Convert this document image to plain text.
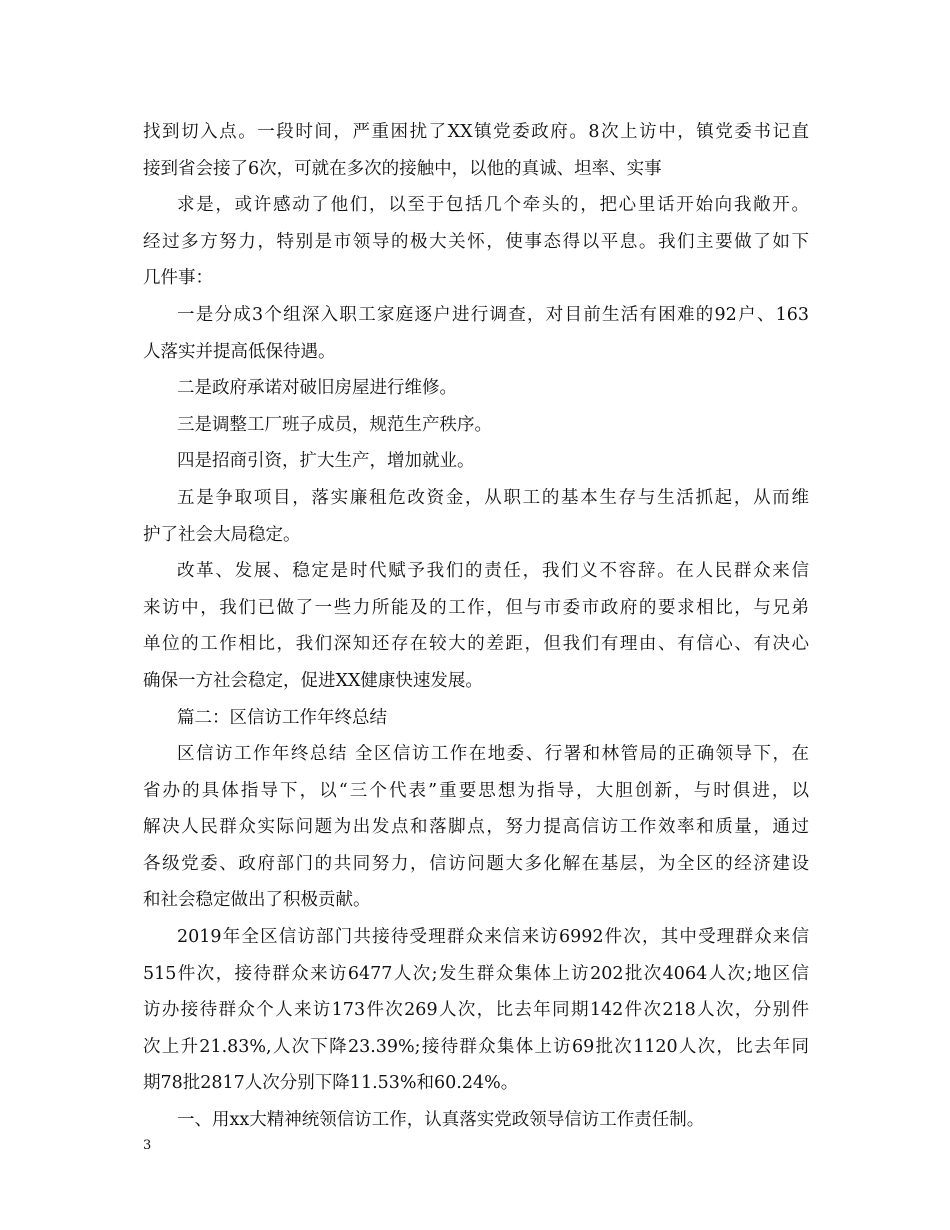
找到切入点。一段时间，严重困扰了XX镇党委政府。8次上访中，镇党委书记直
接到省会接了6次，可就在多次的接触中，以他的真诚、坦率、实事
求是，或许感动了他们，以至于包括几个牵头的，把心里话开始向我敞开。
经过多方努力，特别是市领导的极大关怀，使事态得以平息。我们主要做了如下
几件事：
一是分成3个组深入职工家庭逐户进行调查，对目前生活有困难的92户、163
人落实并提高低保待遇。
二是政府承诺对破旧房屋进行维修。
三是调整工厂班子成员，规范生产秩序。
四是招商引资，扩大生产，增加就业。
五是争取项目，落实廉租危改资金，从职工的基本生存与生活抓起，从而维
护了社会大局稳定。
改革、发展、稳定是时代赋予我们的责任，我们义不容辞。在人民群众来信
来访中，我们已做了一些力所能及的工作，但与市委市政府的要求相比，与兄弟
单位的工作相比，我们深知还存在较大的差距，但我们有理由、有信心、有决心
确保一方社会稳定，促进XX健康快速发展。
篇二：区信访工作年终总结
区信访工作年终总结 全区信访工作在地委、行署和林管局的正确领导下，在
省办的具体指导下，以“三个代表”重要思想为指导，大胆创新，与时俱进，以
解决人民群众实际问题为出发点和落脚点，努力提高信访工作效率和质量，通过
各级党委、政府部门的共同努力，信访问题大多化解在基层，为全区的经济建设
和社会稳定做出了积极贡献。
2019年全区信访部门共接待受理群众来信来访6992件次，其中受理群众来信
515件次，接待群众来访6477人次;发生群众集体上访202批次4064人次;地区信
访办接待群众个人来访173件次269人次，比去年同期142件次218人次，分别件
次上升21.83%,人次下降23.39%;接待群众集体上访69批次1120人次，比去年同
期78批2817人次分别下降11.53%和60.24%。
一、用xx大精神统领信访工作，认真落实党政领导信访工作责任制。
3
